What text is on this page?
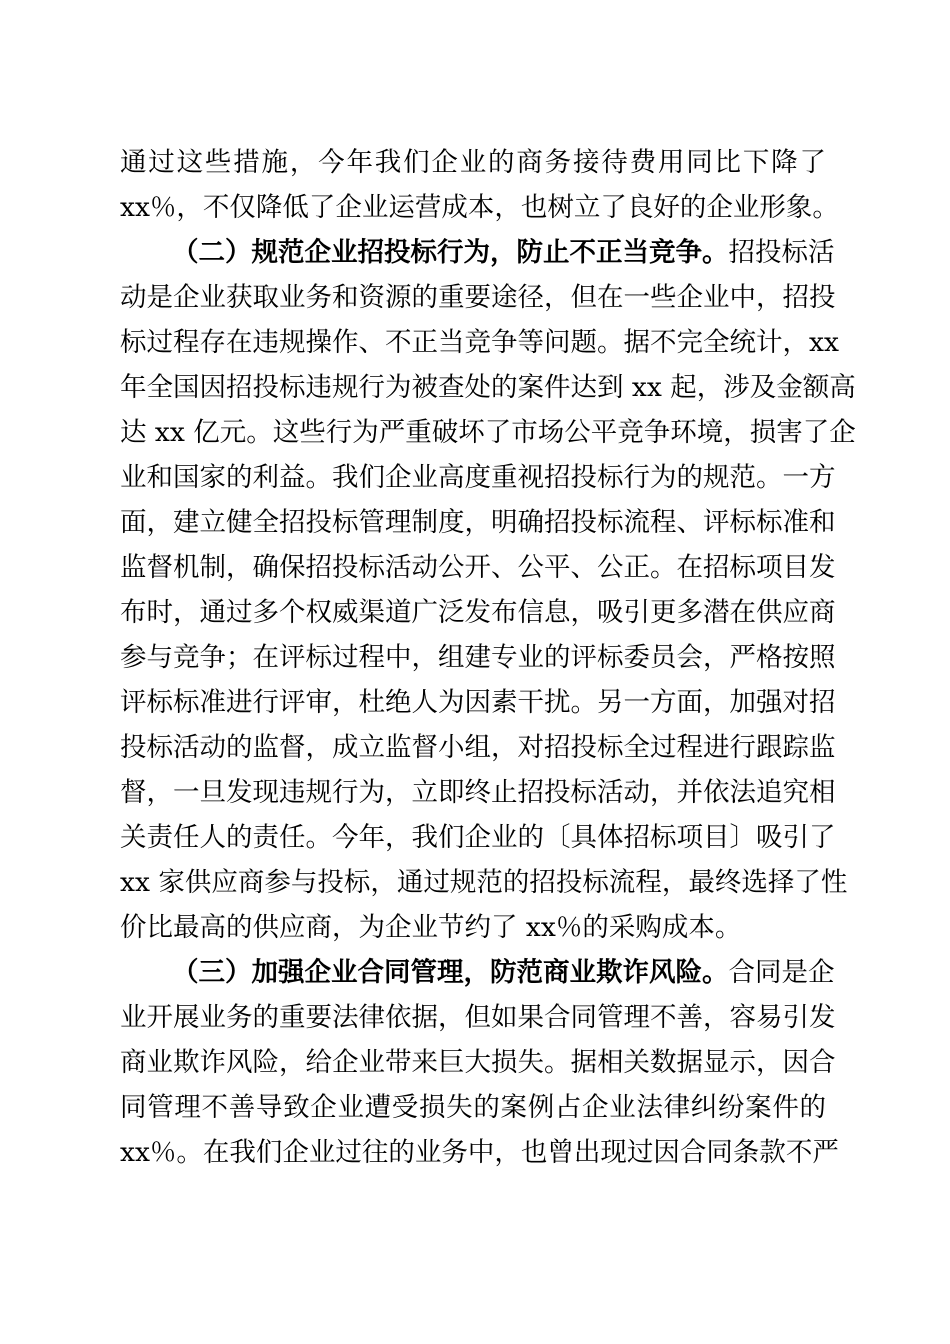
通过这些措施，今年我们企业的商务接待费用同比下降了
xx％，不仅降低了企业运营成本，也树立了良好的企业形象。
（二）规范企业招投标行为，防止不正当竞争。招投标活
动是企业获取业务和资源的重要途径，但在一些企业中，招投
标过程存在违规操作、不正当竞争等问题。据不完全统计，xx
年全国因招投标违规行为被查处的案件达到 xx 起，涉及金额高
达 xx 亿元。这些行为严重破坏了市场公平竞争环境，损害了企
业和国家的利益。我们企业高度重视招投标行为的规范。一方
面，建立健全招投标管理制度，明确招投标流程、评标标准和
监督机制，确保招投标活动公开、公平、公正。在招标项目发
布时，通过多个权威渠道广泛发布信息，吸引更多潜在供应商
参与竞争；在评标过程中，组建专业的评标委员会，严格按照
评标标准进行评审，杜绝人为因素干扰。另一方面，加强对招
投标活动的监督，成立监督小组，对招投标全过程进行跟踪监
督，一旦发现违规行为，立即终止招投标活动，并依法追究相
关责任人的责任。今年，我们企业的〔具体招标项目〕吸引了
xx 家供应商参与投标，通过规范的招投标流程，最终选择了性
价比最高的供应商，为企业节约了 xx％的采购成本。
（三）加强企业合同管理，防范商业欺诈风险。合同是企
业开展业务的重要法律依据，但如果合同管理不善，容易引发
商业欺诈风险，给企业带来巨大损失。据相关数据显示，因合
同管理不善导致企业遭受损失的案例占企业法律纠纷案件的
xx％。在我们企业过往的业务中，也曾出现过因合同条款不严
